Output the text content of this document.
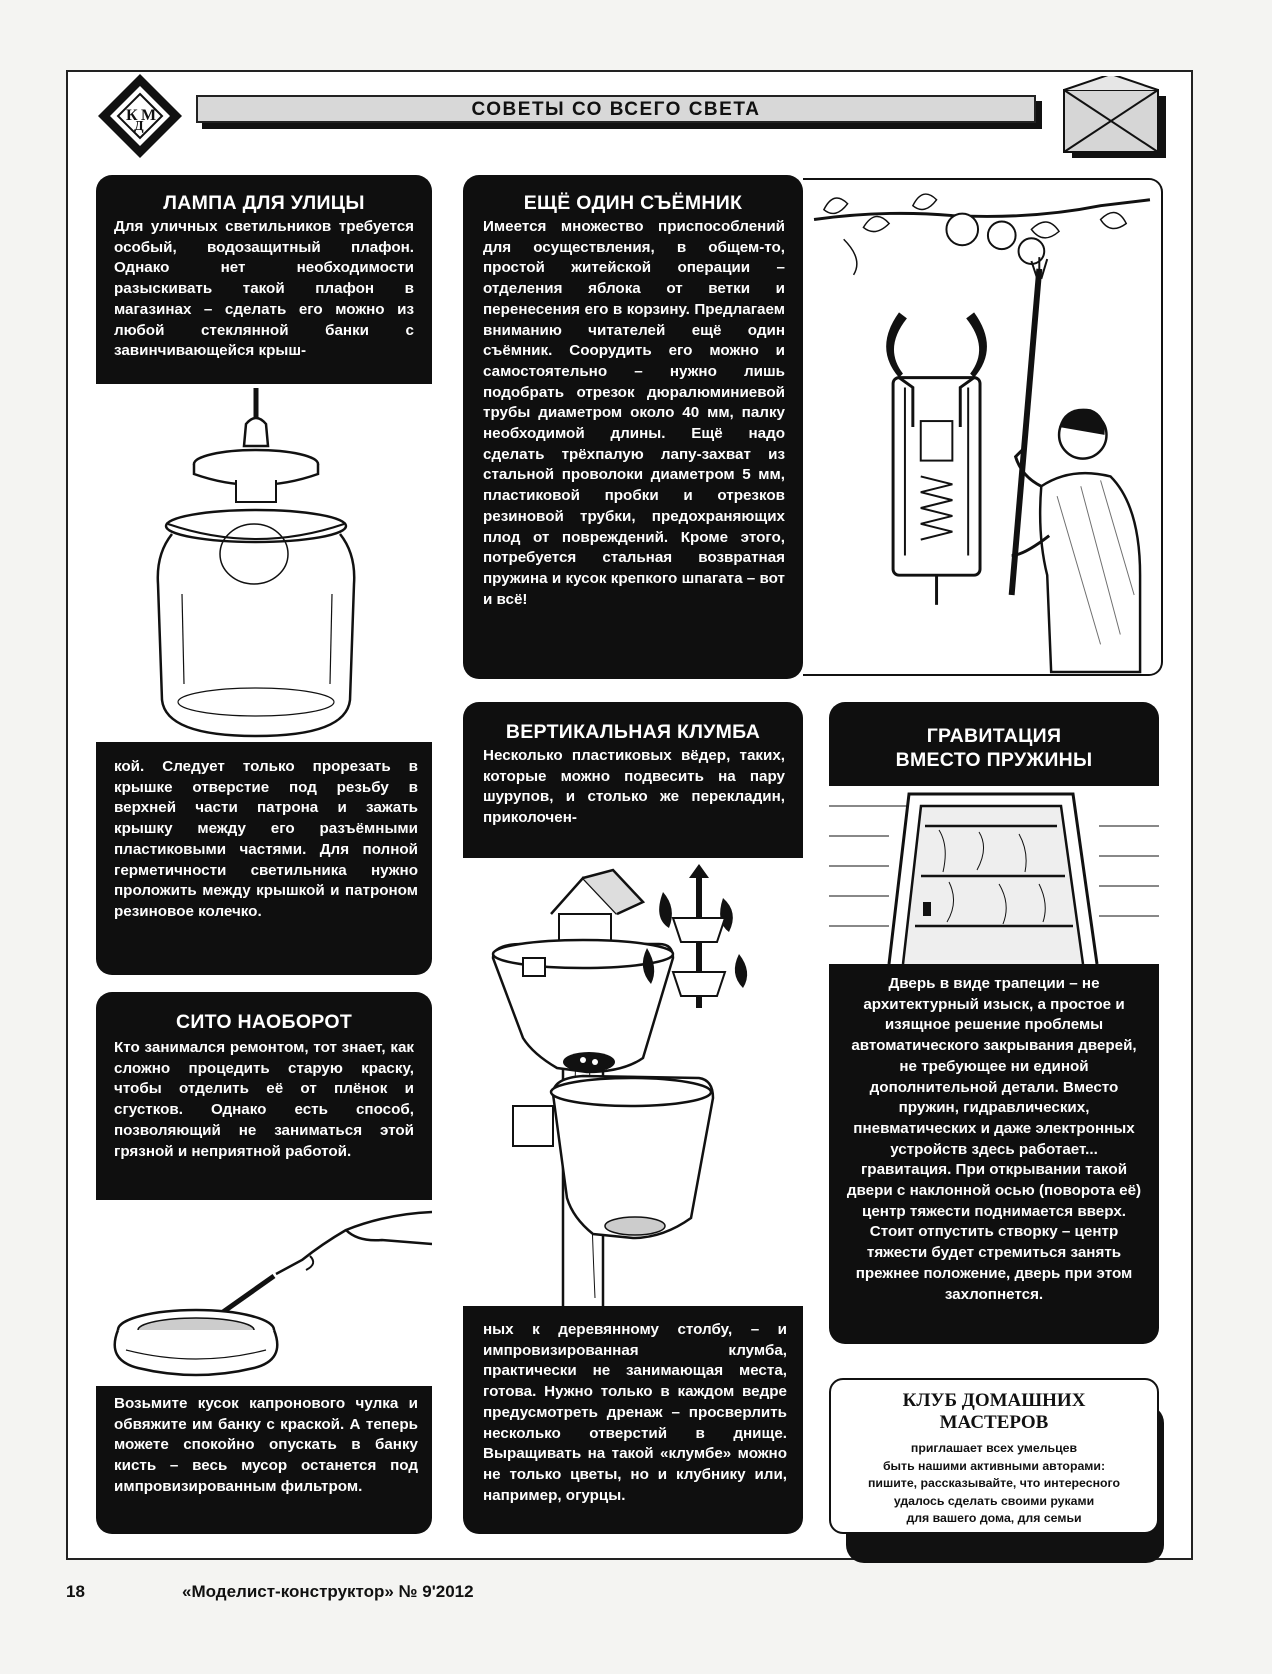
К
Д
М	СОВЕТЫ СО ВСЕГО СВЕТА
ЛАМПА ДЛЯ УЛИЦЫ
Для уличных светильников требуется особый, водозащитный плафон. Однако нет необходимости разыскивать такой плафон в магазинах – сделать его можно из любой стеклянной банки с завинчивающейся крыш-
кой. Следует только прорезать в крышке отверстие под резьбу в верхней части патрона и зажать крышку между его разъёмными пластиковыми частями. Для полной герметичности светильника нужно проложить между крышкой и патроном резиновое колечко.
СИТО НАОБОРОТ
Кто занимался ремонтом, тот знает, как сложно процедить старую краску, чтобы отделить её от плёнок и сгустков. Однако есть способ, позволяющий не заниматься этой грязной и неприятной работой.
Возьмите кусок капронового чулка и обвяжите им банку с краской. А теперь можете спокойно опускать в банку кисть – весь мусор останется под импровизированным фильтром.
ЕЩЁ ОДИН СЪЁМНИК
Имеется множество приспособлений для осуществления, в общем-то, простой житейской операции – отделения яблока от ветки и перенесения его в корзину. Предлагаем вниманию читателей ещё один съёмник. Соорудить его можно и самостоятельно – нужно лишь подобрать отрезок дюралюминиевой трубы диаметром около 40 мм, палку необходимой длины. Ещё надо сделать трёхпалую лапу-захват из стальной проволоки диаметром 5 мм, пластиковой пробки и отрезков резиновой трубки, предохраняющих плод от повреждений. Кроме этого, потребуется стальная возвратная пружина и кусок крепкого шпагата – вот и всё!
ВЕРТИКАЛЬНАЯ КЛУМБА
Несколько пластиковых вёдер, таких, которые можно подвесить на пару шурупов, и столько же перекладин, приколочен-
ных к деревянному столбу, – и импровизированная клумба, практически не занимающая места, готова. Нужно только в каждом ведре предусмотреть дренаж – просверлить несколько отверстий в днище. Выращивать на такой «клумбе» можно не только цветы, но и клубнику или, например, огурцы.
ГРАВИТАЦИЯ
ВМЕСТО ПРУЖИНЫ
Дверь в виде трапеции – не архитектурный изыск, а простое и изящное решение проблемы автоматического закрывания дверей, не требующее ни единой дополнительной детали. Вместо пружин, гидравлических, пневматических и даже электронных устройств здесь работает... гравитация. При открывании такой двери с наклонной осью (поворота её) центр тяжести поднимается вверх. Стоит отпустить створку – центр тяжести будет стремиться занять прежнее положение, дверь при этом захлопнется.
КЛУБ ДОМАШНИХ
МАСТЕРОВ
приглашает всех умельцев
быть нашими активными авторами:
пишите, рассказывайте, что интересного
удалось сделать своими руками
для вашего дома, для семьи
18	«Моделист-конструктор» № 9'2012
